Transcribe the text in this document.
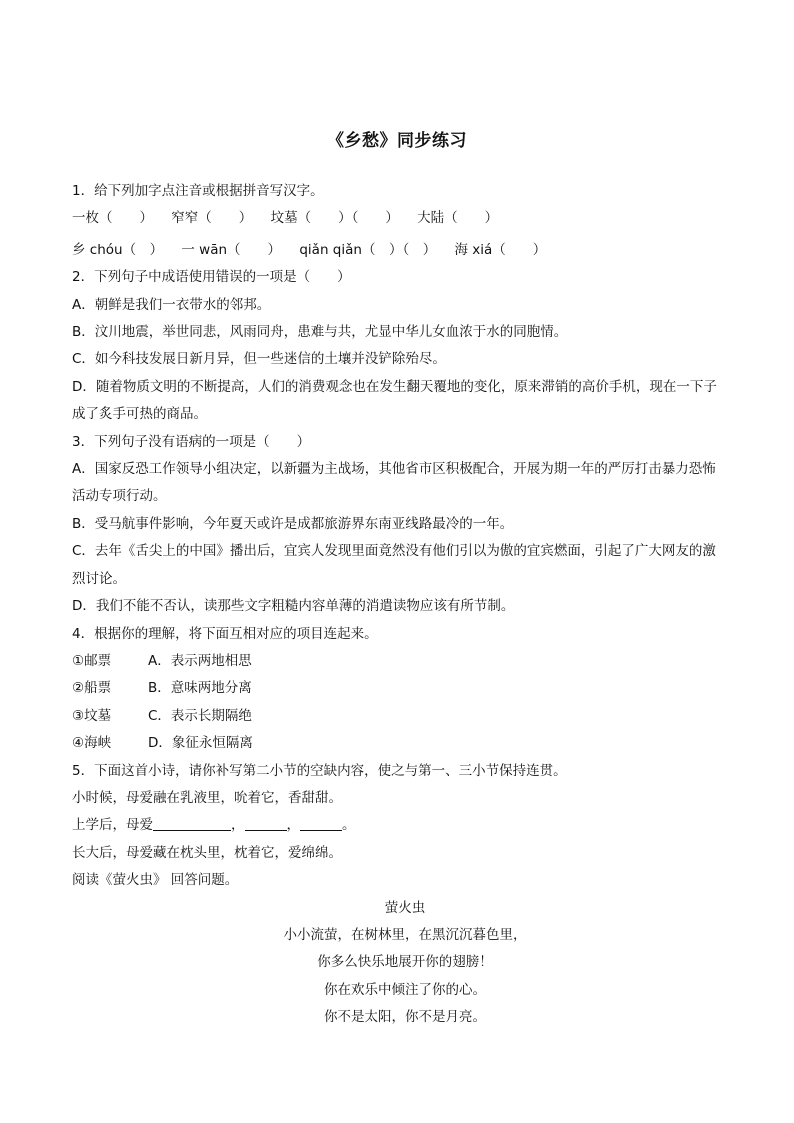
《乡愁》同步练习
1．给下列加字点注音或根据拼音写汉字。
一枚（　　） 窄窄（　　） 坟墓（　　）（　　） 大陆（　　）
乡 chóu（　） 一 wān（　　） qiǎn qiǎn（　）（　） 海 xiá（　　）
2．下列句子中成语使用错误的一项是（　　）
A．朝鲜是我们一衣带水的邻邦。
B．汶川地震，举世同悲，风雨同舟，患难与共，尤显中华儿女血浓于水的同胞情。
C．如今科技发展日新月异，但一些迷信的土壤并没铲除殆尽。
D．随着物质文明的不断提高，人们的消费观念也在发生翻天覆地的变化，原来滞销的高价手机，现在一下子成了炙手可热的商品。
3．下列句子没有语病的一项是（　　）
A．国家反恐工作领导小组决定，以新疆为主战场，其他省市区积极配合，开展为期一年的严厉打击暴力恐怖活动专项行动。
B．受马航事件影响，今年夏天或许是成都旅游界东南亚线路最冷的一年。
C．去年《舌尖上的中国》播出后，宜宾人发现里面竟然没有他们引以为傲的宜宾燃面，引起了广大网友的激烈讨论。
D．我们不能不否认，读那些文字粗糙内容单薄的消遣读物应该有所节制。
4．根据你的理解，将下面互相对应的项目连起来。
①邮票	A．表示两地相思
②船票	B．意味两地分离
③坟墓	C．表示长期隔绝
④海峡	D．象征永恒隔离
5．下面这首小诗，请你补写第二小节的空缺内容，使之与第一、三小节保持连贯。
小时候，母爱融在乳液里，吮着它，香甜甜。
上学后，母爱	，	，	。
长大后，母爱藏在枕头里，枕着它，爱绵绵。
阅读《萤火虫》 回答问题。
萤火虫
小小流萤，在树林里，在黑沉沉暮色里，
你多么快乐地展开你的翅膀！
你在欢乐中倾注了你的心。
你不是太阳，你不是月亮。
